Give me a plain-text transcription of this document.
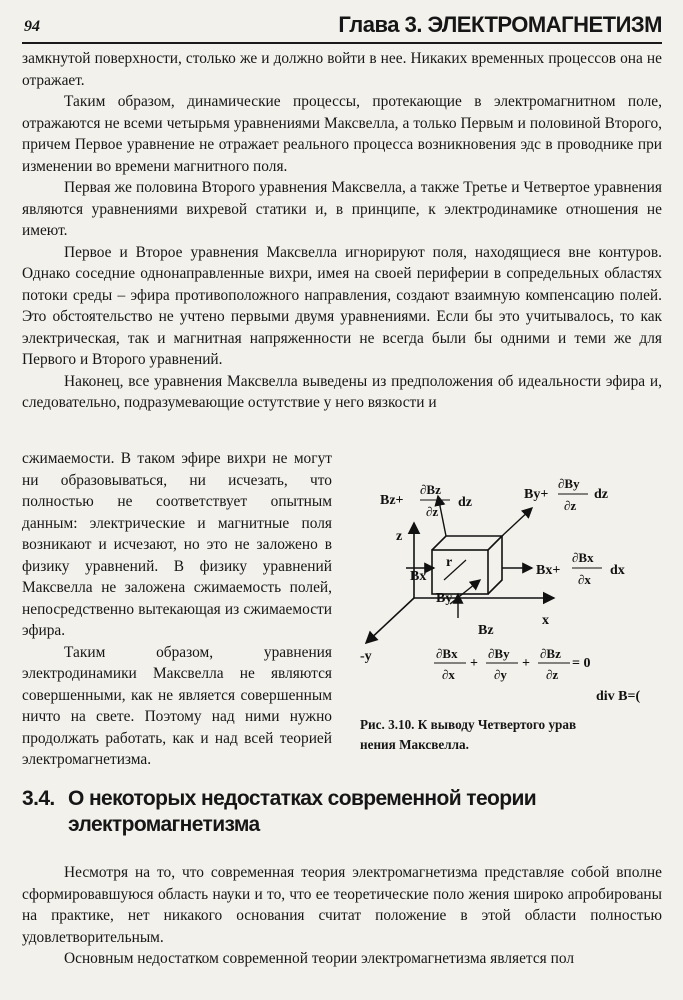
94	Глава 3. ЭЛЕКТРОМАГНЕТИЗМ

замкнутой поверхности, столько же и должно войти в нее. Никаких временных процессов она не отражает.

Таким образом, динамические процессы, протекающие в электромагнитном поле, отражаются не всеми четырьмя уравнениями Максвелла, а только Первым и половиной Второго, причем Первое уравнение не отражает реального процесса возникновения эдс в проводнике при изменении во времени магнитного поля.

Первая же половина Второго уравнения Максвелла, а также Третье и Четвертое уравнения являются уравнениями вихревой статики и, в принципе, к электродинамике отношения не имеют.

Первое и Второе уравнения Максвелла игнорируют поля, находящиеся вне контуров. Однако соседние однонаправленные вихри, имея на своей периферии в сопредельных областях потоки среды – эфира противоположного направления, создают взаимную компенсацию полей. Это обстоятельство не учтено первыми двумя уравнениями. Если бы это учитывалось, то как электрическая, так и магнитная напряженности не всегда были бы одними и теми же для Первого и Второго уравнений.

Наконец, все уравнения Максвелла выведены из предположения об идеальности эфира и, следовательно, подразумевающие остутствие у него вязкости и

сжимаемости. В таком эфире вихри не могут ни образовываться, ни исчезать, что полностью не соответствует опытным данным: электрические и магнитные поля возникают и исчезают, но это не заложено в физику уравнений. В физику уравнений Максвелла не заложена сжимаемость полей, непосредственно вытекающая из сжимаемости эфира.

Таким образом, уравнения электродинамики Максвелла не являются совершенными, как не является совершенным ничто на свете. Поэтому над ними нужно продолжать работать, как и над всей теорией электромагнетизма.

Bz+
∂Bz
∂z
dz
By+
∂By
∂z
dz
z
Bx
r
Bx+
∂Bx
∂x
dx
By
x
Bz
-y	∂Bx
∂x
+
∂By
∂y
+
∂Bz
∂z
= 0
div B=(
Рис. 3.10. К выводу Четвертого урав
нения Максвелла.
3.4. О некоторых недостатках современной теории
электромагнетизма

Несмотря на то, что современная теория электромагнетизма представляе собой вполне сформировавшуюся область науки и то, что ее теоретические поло жения широко апробированы на практике, нет никакого основания считат положение в этой области полностью удовлетворительным.

Основным недостатком современной теории электромагнетизма является пол
